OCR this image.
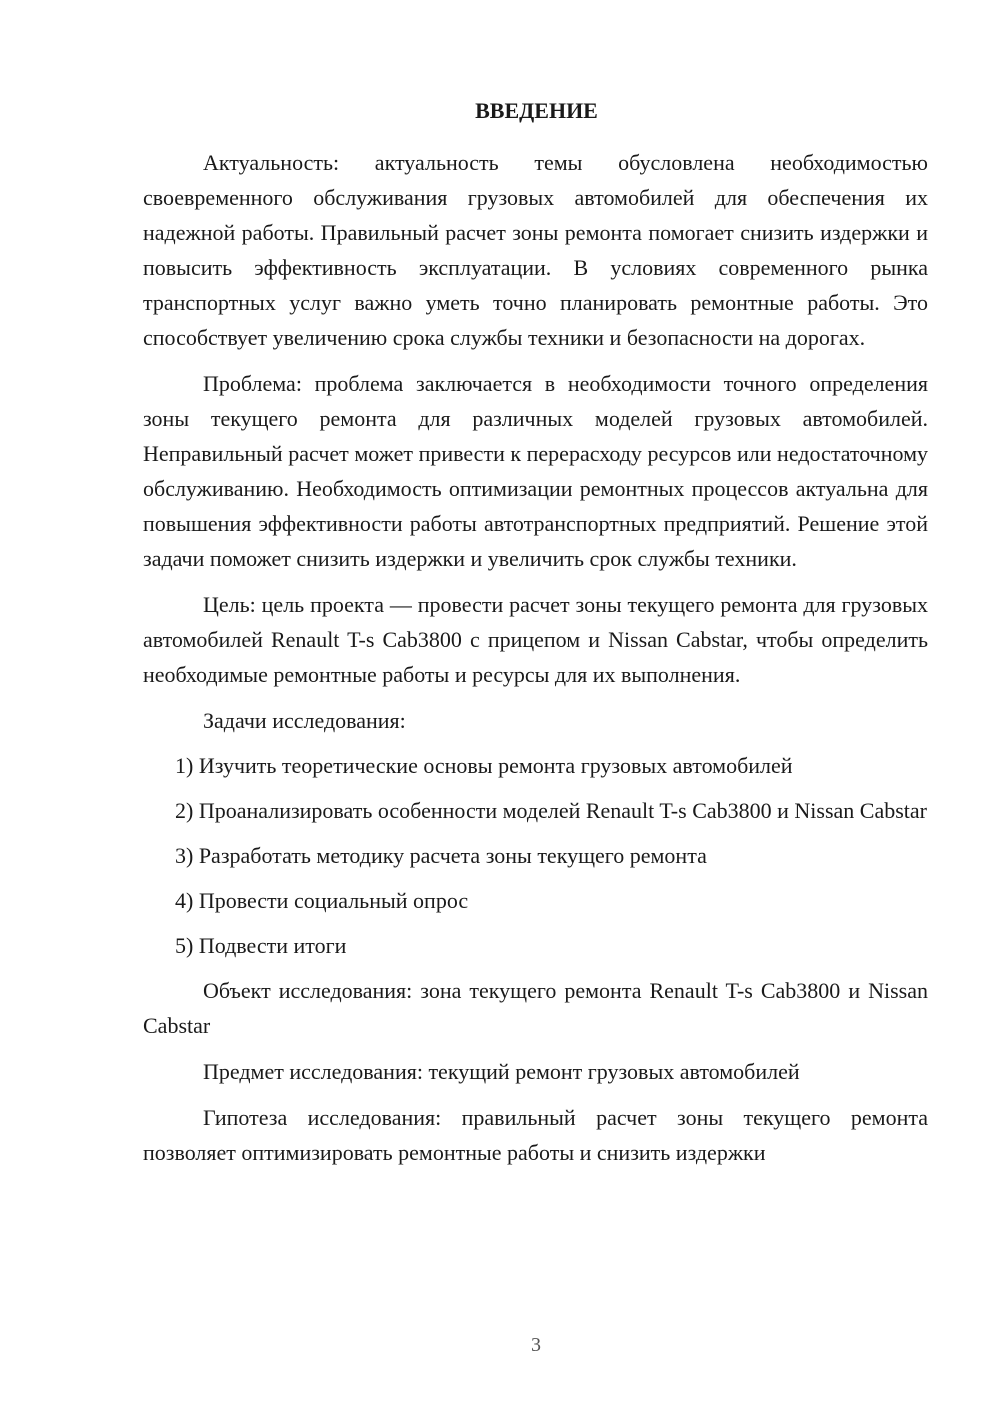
ВВЕДЕНИЕ

Актуальность: актуальность темы обусловлена необходимостью своевременного обслуживания грузовых автомобилей для обеспечения их надежной работы. Правильный расчет зоны ремонта помогает снизить издержки и повысить эффективность эксплуатации. В условиях современного рынка транспортных услуг важно уметь точно планировать ремонтные работы. Это способствует увеличению срока службы техники и безопасности на дорогах.

Проблема: проблема заключается в необходимости точного определения зоны текущего ремонта для различных моделей грузовых автомобилей. Неправильный расчет может привести к перерасходу ресурсов или недостаточному обслуживанию. Необходимость оптимизации ремонтных процессов актуальна для повышения эффективности работы автотранспортных предприятий. Решение этой задачи поможет снизить издержки и увеличить срок службы техники.

Цель: цель проекта — провести расчет зоны текущего ремонта для грузовых автомобилей Renault T-s Cab3800 с прицепом и Nissan Cabstar, чтобы определить необходимые ремонтные работы и ресурсы для их выполнения.

Задачи исследования:

1) Изучить теоретические основы ремонта грузовых автомобилей

2) Проанализировать особенности моделей Renault T-s Cab3800 и Nissan Cabstar

3) Разработать методику расчета зоны текущего ремонта

4) Провести социальный опрос

5) Подвести итоги

Объект исследования: зона текущего ремонта Renault T-s Cab3800 и Nissan Cabstar

Предмет исследования: текущий ремонт грузовых автомобилей

Гипотеза исследования: правильный расчет зоны текущего ремонта позволяет оптимизировать ремонтные работы и снизить издержки

3
